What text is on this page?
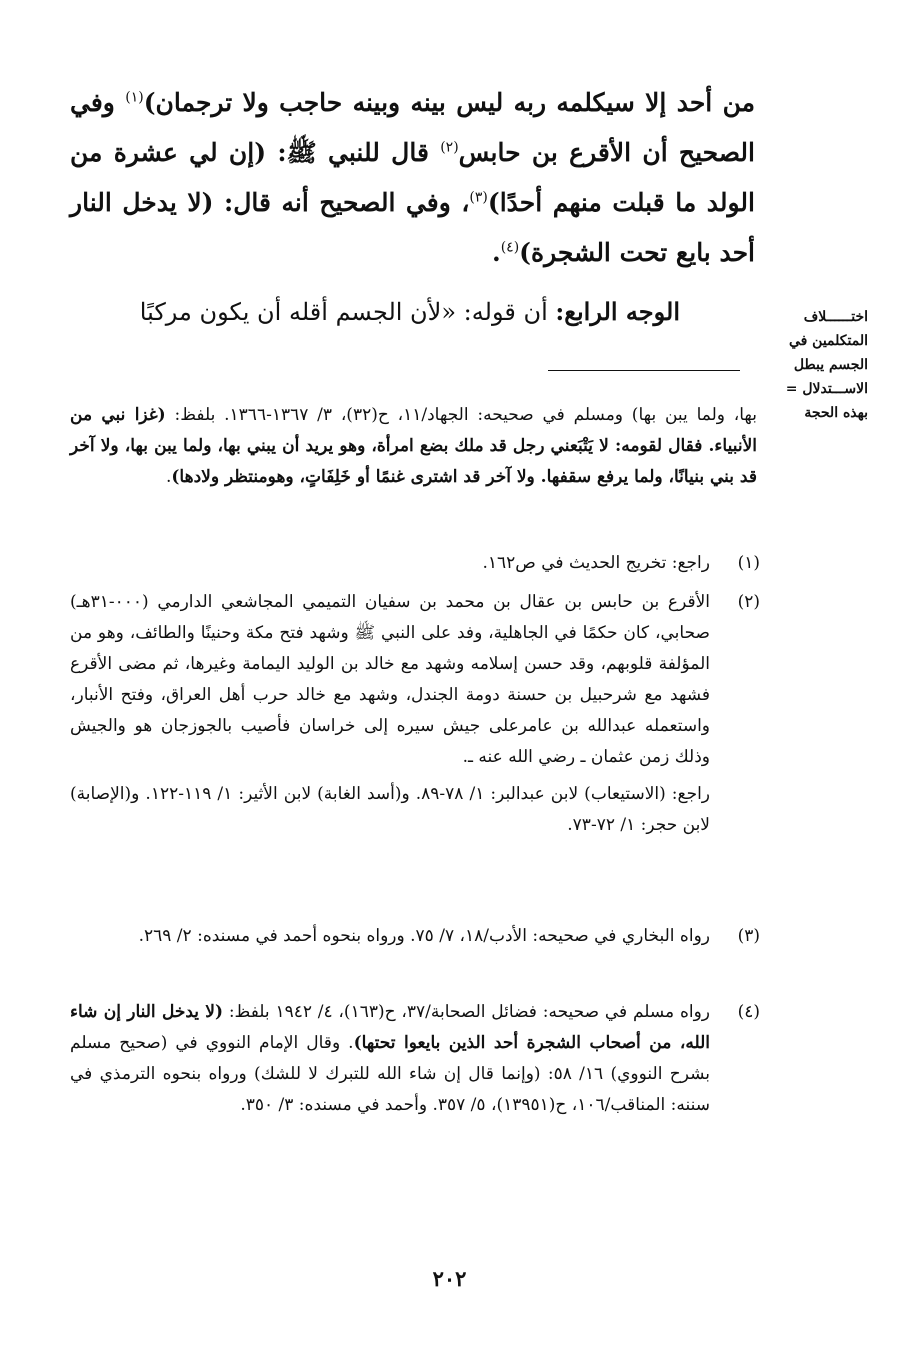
من أحد إلا سيكلمه ربه ليس بينه وبينه حاجب ولا ترجمان)$^{(١)}$ وفي الصحيح أن الأقرع بن حابس$^{(٢)}$ قال للنبي ﷺ: (إن لي عشرة من الولد ما قبلت منهم أحدًا)$^{(٣)}$، وفي الصحيح أنه قال: (لا يدخل النار أحد بايع تحت الشجرة)$^{(٤)}$.

الوجه الرابع: أن قوله: «لأن الجسم أقله أن يكون مركبًا	اختــــــلاف
المتكلمين في
الجسم يبطل
الاســـتدلال =
بهذه الحجة
بها، ولما يبن بها) ومسلم في صحيحه: الجهاد/١١، ح(٣٢)، ٣/ ١٣٦٧-١٣٦٦. بلفظ: (غزا نبي من الأنبياء. فقال لقومه: لا يَتْبَعني رجل قد ملك بضع امرأة، وهو يريد أن يبني بها، ولما يبن بها، ولا آخر قد بني بنيانًا، ولما يرفع سقفها. ولا آخر قد اشترى غنمًا أو خَلِفَاتٍ، وهومنتظر ولادها).
(١)

راجع: تخريج الحديث في ص١٦٢.

(٢)

الأقرع بن حابس بن عقال بن محمد بن سفيان التميمي المجاشعي الدارمي (٠٠٠-٣١هـ) صحابي، كان حكمًا في الجاهلية، وفد على النبي ﷺ وشهد فتح مكة وحنينًا والطائف، وهو من المؤلفة قلوبهم، وقد حسن إسلامه وشهد مع خالد بن الوليد اليمامة وغيرها، ثم مضى الأقرع فشهد مع شرحبيل بن حسنة دومة الجندل، وشهد مع خالد حرب أهل العراق، وفتح الأنبار، واستعمله عبدالله بن عامرعلى جيش سيره إلى خراسان فأصيب بالجوزجان هو والجيش وذلك زمن عثمان ـ رضي الله عنه ـ.

راجع: (الاستيعاب) لابن عبدالبر: ١/ ٧٨-٨٩. و(أسد الغابة) لابن الأثير: ١/ ١١٩-١٢٢. و(الإصابة) لابن حجر: ١/ ٧٢-٧٣.

(٣)

رواه البخاري في صحيحه: الأدب/١٨، ٧/ ٧٥. ورواه بنحوه أحمد في مسنده: ٢/ ٢٦٩.

(٤)

رواه مسلم في صحيحه: فضائل الصحابة/٣٧، ح(١٦٣)، ٤/ ١٩٤٢ بلفظ: (لا يدخل النار إن شاء الله، من أصحاب الشجرة أحد الذين بايعوا تحتها). وقال الإمام النووي في (صحيح مسلم بشرح النووي) ١٦/ ٥٨: (وإنما قال إن شاء الله للتبرك لا للشك) ورواه بنحوه الترمذي في سننه: المناقب/١٠٦، ح(١٣٩٥١)، ٥/ ٣٥٧. وأحمد في مسنده: ٣/ ٣٥٠.

٢٠٢
